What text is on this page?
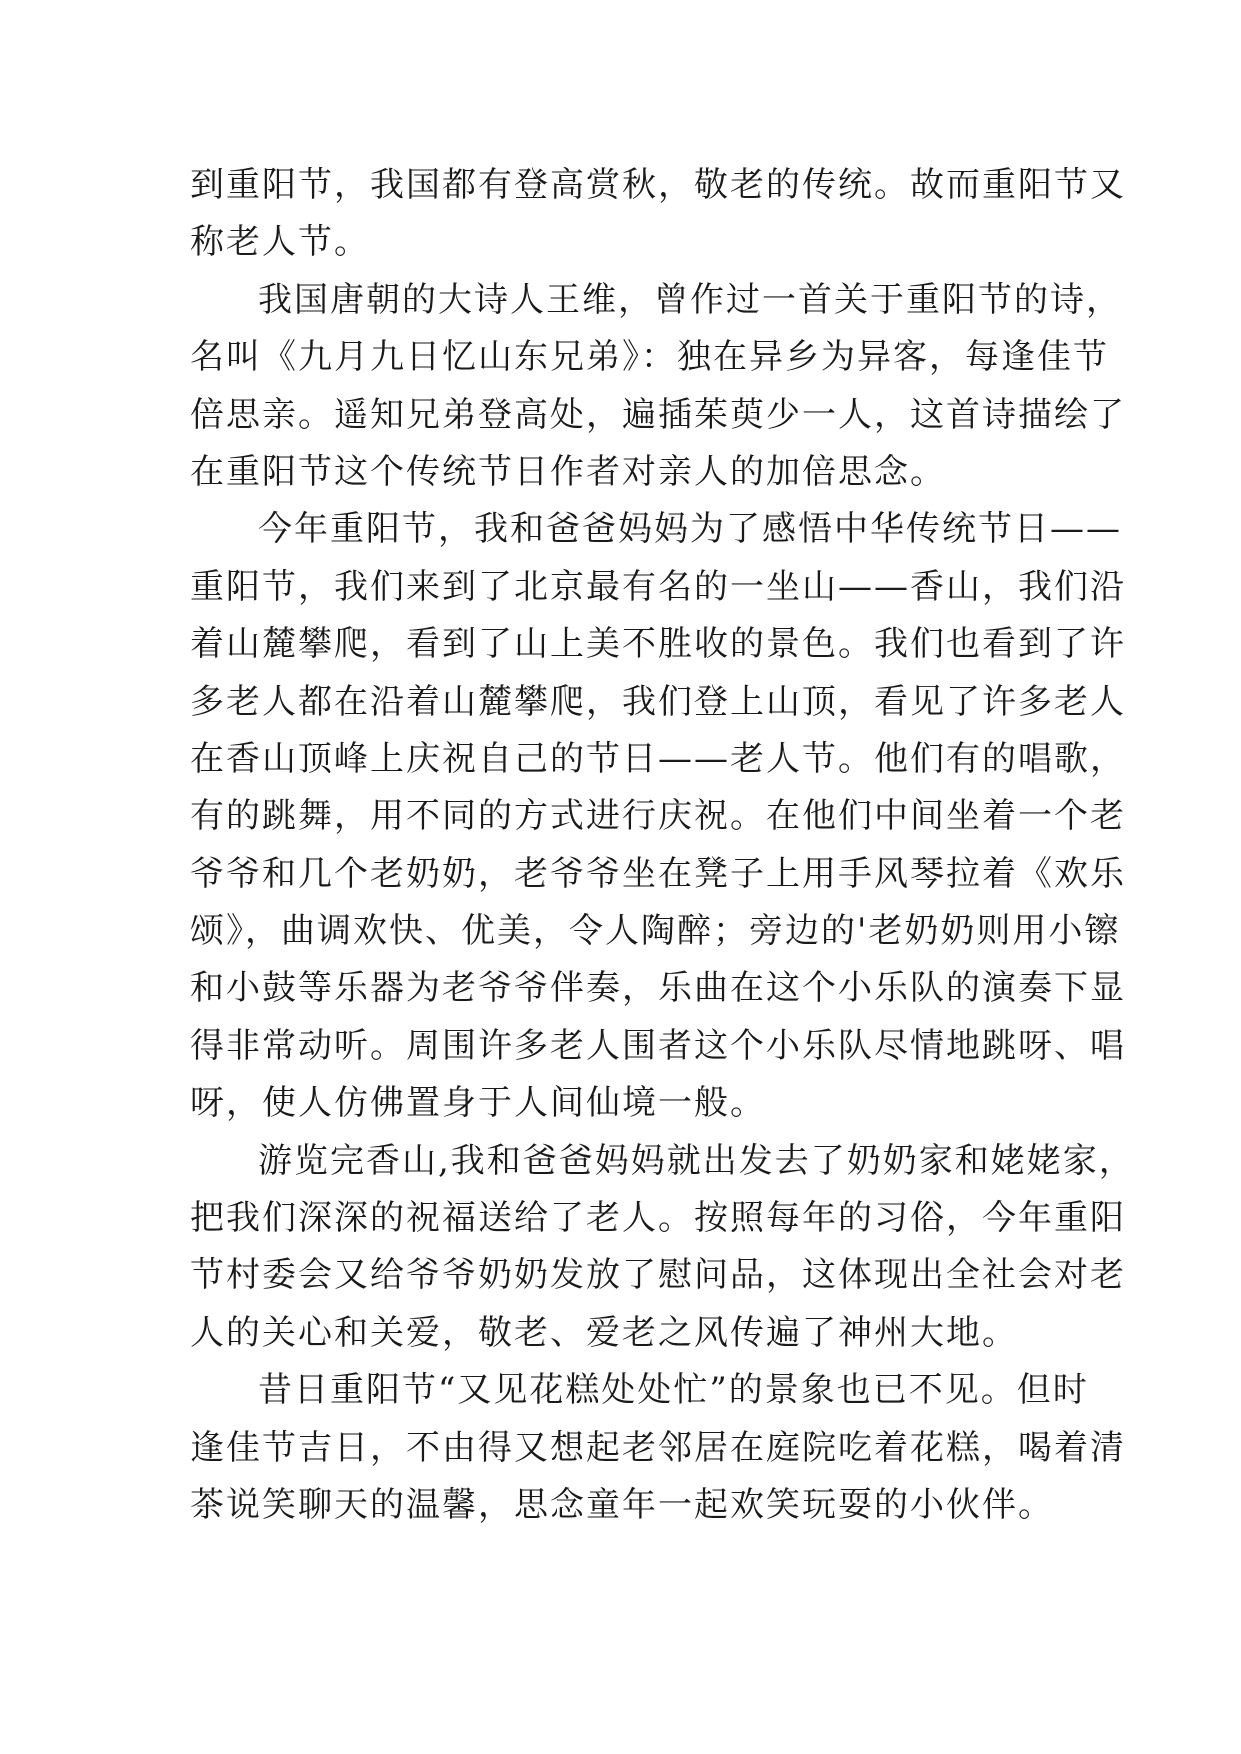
到重阳节，我国都有登高赏秋，敬老的传统。故而重阳节又
称老人节。

我国唐朝的大诗人王维，曾作过一首关于重阳节的诗，
名叫《九月九日忆山东兄弟》：独在异乡为异客，每逢佳节
倍思亲。遥知兄弟登高处，遍插茱萸少一人，这首诗描绘了
在重阳节这个传统节日作者对亲人的加倍思念。

今年重阳节，我和爸爸妈妈为了感悟中华传统节日——
重阳节，我们来到了北京最有名的一坐山——香山，我们沿
着山麓攀爬，看到了山上美不胜收的景色。我们也看到了许
多老人都在沿着山麓攀爬，我们登上山顶，看见了许多老人
在香山顶峰上庆祝自己的节日——老人节。他们有的唱歌，
有的跳舞，用不同的方式进行庆祝。在他们中间坐着一个老
爷爷和几个老奶奶，老爷爷坐在凳子上用手风琴拉着《欢乐
颂》，曲调欢快、优美，令人陶醉；旁边的'老奶奶则用小镲
和小鼓等乐器为老爷爷伴奏，乐曲在这个小乐队的演奏下显
得非常动听。周围许多老人围者这个小乐队尽情地跳呀、唱
呀，使人仿佛置身于人间仙境一般。

游览完香山,我和爸爸妈妈就出发去了奶奶家和姥姥家，
把我们深深的祝福送给了老人。按照每年的习俗，今年重阳
节村委会又给爷爷奶奶发放了慰问品，这体现出全社会对老
人的关心和关爱，敬老、爱老之风传遍了神州大地。

昔日重阳节“又见花糕处处忙”的景象也已不见。但时
逢佳节吉日，不由得又想起老邻居在庭院吃着花糕，喝着清
茶说笑聊天的温馨，思念童年一起欢笑玩耍的小伙伴。
